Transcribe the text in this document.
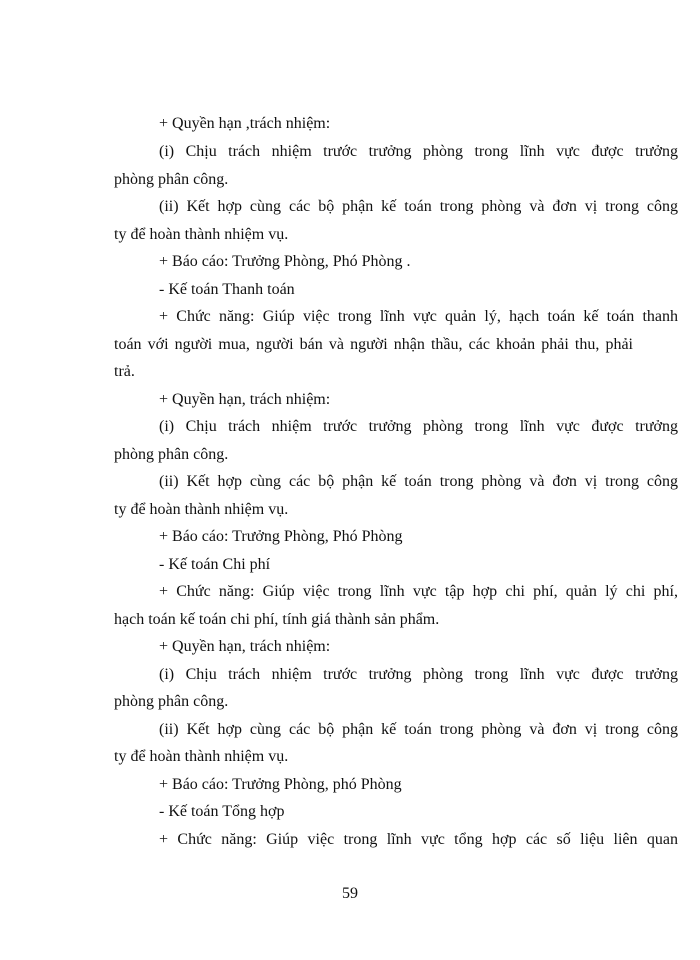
+ Quyền hạn ,trách nhiệm:
(i) Chịu trách nhiệm trước trưởng phòng trong lĩnh vực được trưởng
phòng phân công.
(ii) Kết hợp cùng các bộ phận kế toán trong phòng và đơn vị trong công
ty để hoàn thành nhiệm vụ.
+ Báo cáo: Trưởng Phòng, Phó Phòng .
- Kế toán Thanh toán
+ Chức năng: Giúp việc trong lĩnh vực quản lý, hạch toán kế toán thanh
toán với người mua, người bán và người nhận thầu, các khoản phải thu, phải
trả.
+ Quyền hạn, trách nhiệm:
(i) Chịu trách nhiệm trước trưởng phòng trong lĩnh vực được trưởng
phòng phân công.
(ii) Kết hợp cùng các bộ phận kế toán trong phòng và đơn vị trong công
ty để hoàn thành nhiệm vụ.
+ Báo cáo: Trưởng Phòng, Phó Phòng
- Kế toán Chi phí
+ Chức năng: Giúp việc trong lĩnh vực tập hợp chi phí, quản lý chi phí,
hạch toán kế toán chi phí, tính giá thành sản phẩm.
+ Quyền hạn, trách nhiệm:
(i) Chịu trách nhiệm trước trưởng phòng trong lĩnh vực được trưởng
phòng phân công.
(ii) Kết hợp cùng các bộ phận kế toán trong phòng và đơn vị trong công
ty để hoàn thành nhiệm vụ.
+ Báo cáo: Trưởng Phòng, phó Phòng
- Kế toán Tổng hợp
+ Chức năng: Giúp việc trong lĩnh vực tổng hợp các số liệu liên quan
59
